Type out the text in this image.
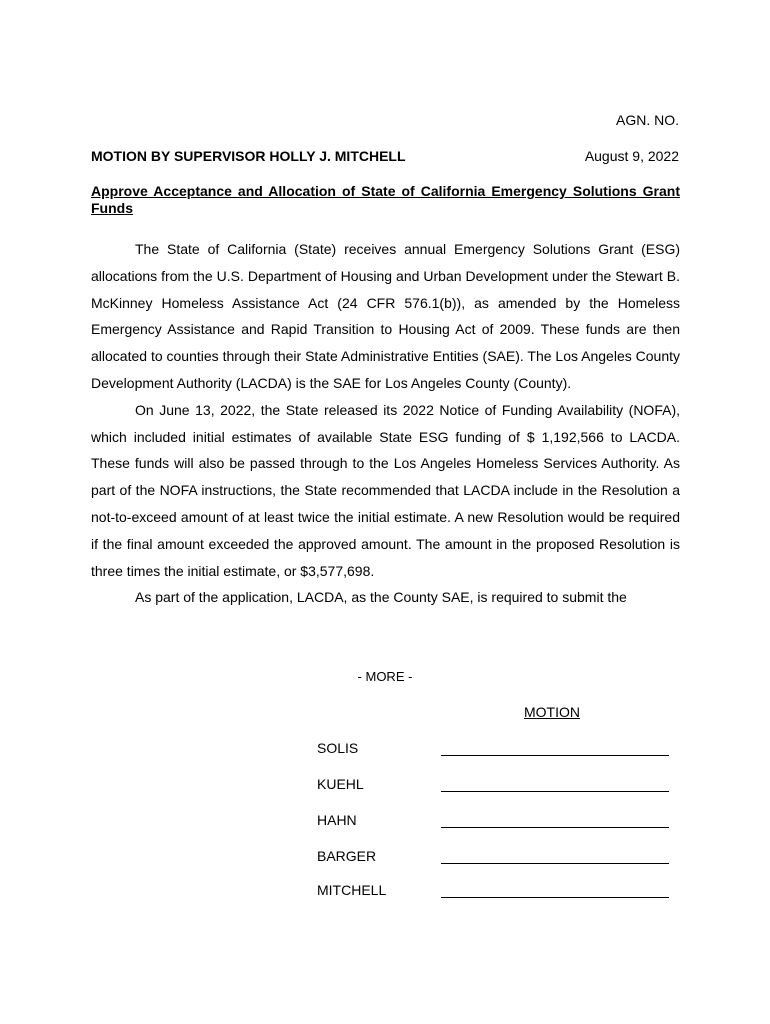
AGN. NO.
MOTION BY SUPERVISOR HOLLY J. MITCHELL	August 9, 2022
Approve Acceptance and Allocation of State of California Emergency Solutions Grant Funds

The State of California (State) receives annual Emergency Solutions Grant (ESG) allocations from the U.S. Department of Housing and Urban Development under the Stewart B. McKinney Homeless Assistance Act (24 CFR 576.1(b)), as amended by the Homeless Emergency Assistance and Rapid Transition to Housing Act of 2009. These funds are then allocated to counties through their State Administrative Entities (SAE). The Los Angeles County Development Authority (LACDA) is the SAE for Los Angeles County (County).

On June 13, 2022, the State released its 2022 Notice of Funding Availability (NOFA), which included initial estimates of available State ESG funding of $ 1,192,566 to LACDA. These funds will also be passed through to the Los Angeles Homeless Services Authority. As part of the NOFA instructions, the State recommended that LACDA include in the Resolution a not-to-exceed amount of at least twice the initial estimate. A new Resolution would be required if the final amount exceeded the approved amount. The amount in the proposed Resolution is three times the initial estimate, or $3,577,698.

As part of the application, LACDA, as the County SAE, is required to submit the

- MORE -
MOTION
SOLIS
KUEHL
HAHN
BARGER
MITCHELL
